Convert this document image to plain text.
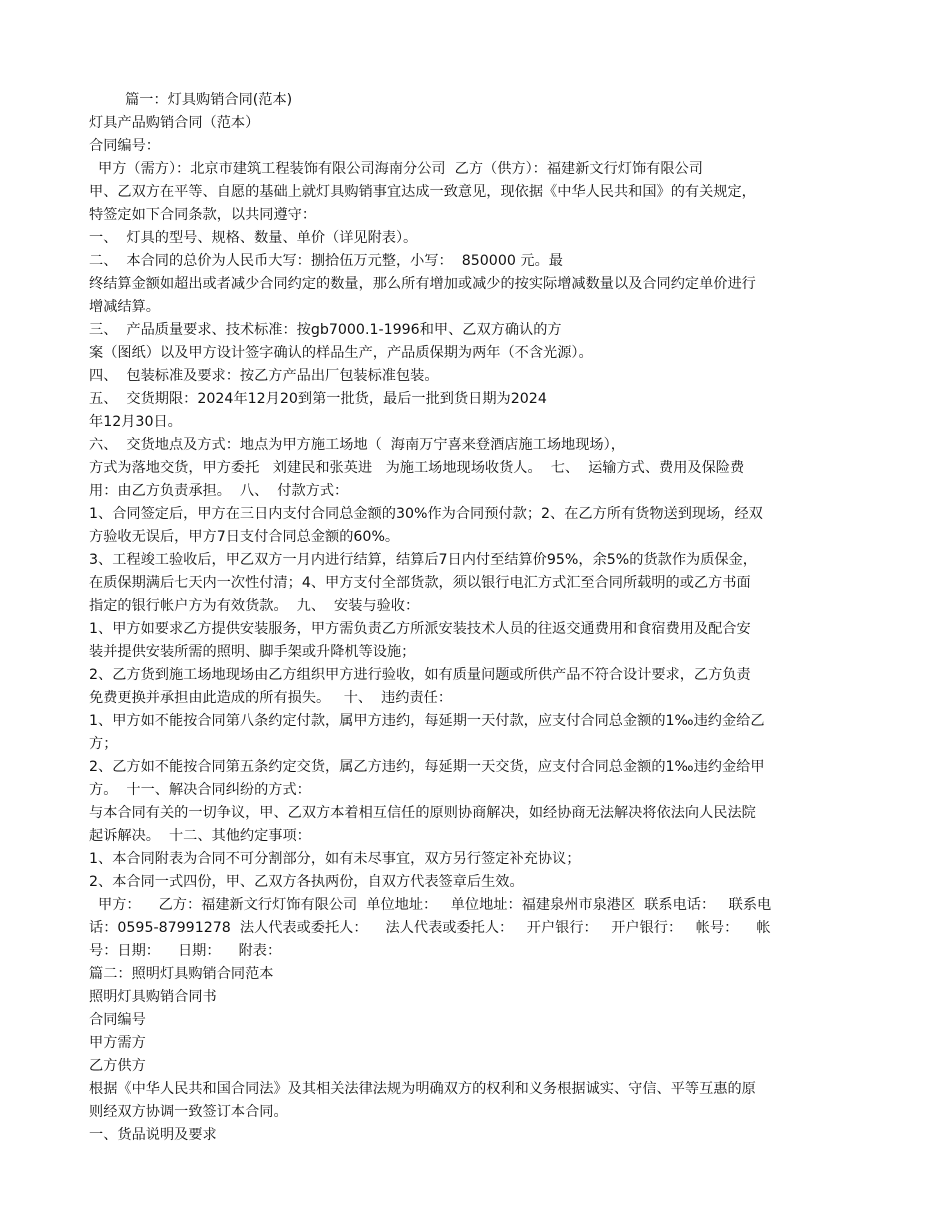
篇一：灯具购销合同(范本)
灯具产品购销合同（范本）
合同编号：
甲方（需方）：北京市建筑工程装饰有限公司海南分公司  乙方（供方）：福建新文行灯饰有限公司
甲、乙双方在平等、自愿的基础上就灯具购销事宜达成一致意见，现依据《中华人民共和国》的有关规定，
特签定如下合同条款，以共同遵守：
一、  灯具的型号、规格、数量、单价（详见附表）。
二、  本合同的总价为人民币大写：捌拾伍万元整，小写：  850000 元。最
终结算金额如超出或者减少合同约定的数量，那么所有增加或减少的按实际增减数量以及合同约定单价进行
增减结算。
三、  产品质量要求、技术标准：按gb7000.1-1996和甲、乙双方确认的方
案（图纸）以及甲方设计签字确认的样品生产，产品质保期为两年（不含光源）。
四、  包装标准及要求：按乙方产品出厂包装标准包装。
五、  交货期限：2024年12月20到第一批货，最后一批到货日期为2024
年12月30日。
六、  交货地点及方式：地点为甲方施工场地（  海南万宁喜来登酒店施工场地现场），
方式为落地交货，甲方委托   刘建民和张英进   为施工场地现场收货人。  七、  运输方式、费用及保险费
用：由乙方负责承担。  八、  付款方式：
1、合同签定后，甲方在三日内支付合同总金额的30%作为合同预付款；2、在乙方所有货物送到现场，经双
方验收无误后，甲方7日支付合同总金额的60%。
3、工程竣工验收后，甲乙双方一月内进行结算，结算后7日内付至结算价95%，余5%的货款作为质保金，
在质保期满后七天内一次性付清；4、甲方支付全部货款，须以银行电汇方式汇至合同所载明的或乙方书面
指定的银行帐户方为有效货款。  九、  安装与验收：
1、甲方如要求乙方提供安装服务，甲方需负责乙方所派安装技术人员的往返交通费用和食宿费用及配合安
装并提供安装所需的照明、脚手架或升降机等设施；
2、乙方货到施工场地现场由乙方组织甲方进行验收，如有质量问题或所供产品不符合设计要求，乙方负责
免费更换并承担由此造成的所有损失。   十、  违约责任：
1、甲方如不能按合同第八条约定付款，属甲方违约，每延期一天付款，应支付合同总金额的1‰违约金给乙
方；
2、乙方如不能按合同第五条约定交货，属乙方违约，每延期一天交货，应支付合同总金额的1‰违约金给甲
方。  十一、解决合同纠纷的方式：
与本合同有关的一切争议，甲、乙双方本着相互信任的原则协商解决，如经协商无法解决将依法向人民法院
起诉解决。  十二、其他约定事项：
1、本合同附表为合同不可分割部分，如有未尽事宜，双方另行签定补充协议；
2、本合同一式四份，甲、乙双方各执两份，自双方代表签章后生效。
甲方：    乙方：福建新文行灯饰有限公司  单位地址：   单位地址：福建泉州市泉港区  联系电话：   联系电
话：0595-87991278  法人代表或委托人：    法人代表或委托人：   开户银行：   开户银行：   帐号：    帐
号：日期：    日期：    附表：
篇二：照明灯具购销合同范本
照明灯具购销合同书
合同编号
甲方需方
乙方供方
根据《中华人民共和国合同法》及其相关法律法规为明确双方的权利和义务根据诚实、守信、平等互惠的原
则经双方协调一致签订本合同。
一、货品说明及要求
